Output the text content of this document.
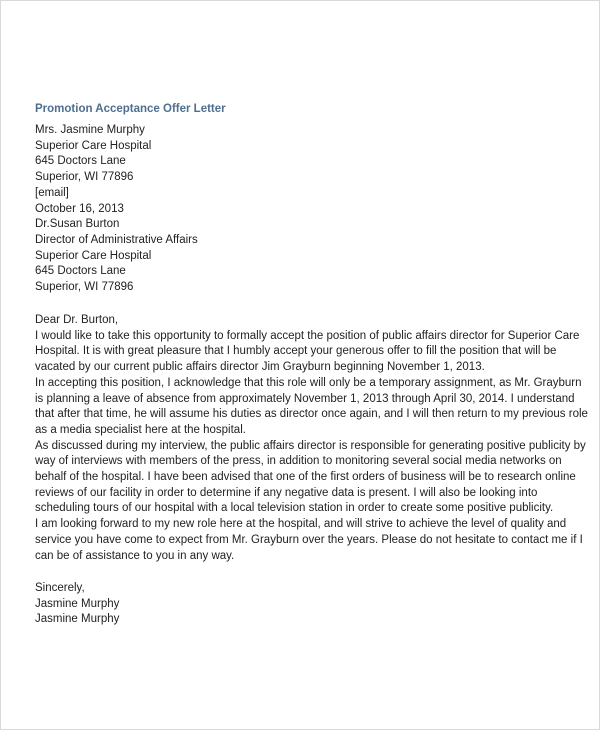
Promotion Acceptance Offer Letter
Mrs. Jasmine Murphy
Superior Care Hospital
645 Doctors Lane
Superior, WI 77896
[email]
October 16, 2013
Dr.Susan Burton
Director of Administrative Affairs
Superior Care Hospital
645 Doctors Lane
Superior, WI 77896
Dear Dr. Burton,
I would like to take this opportunity to formally accept the position of public affairs director for Superior Care
Hospital. It is with great pleasure that I humbly accept your generous offer to fill the position that will be
vacated by our current public affairs director Jim Grayburn beginning November 1, 2013.
In accepting this position, I acknowledge that this role will only be a temporary assignment, as Mr. Grayburn
is planning a leave of absence from approximately November 1, 2013 through April 30, 2014. I understand
that after that time, he will assume his duties as director once again, and I will then return to my previous role
as a media specialist here at the hospital.
As discussed during my interview, the public affairs director is responsible for generating positive publicity by
way of interviews with members of the press, in addition to monitoring several social media networks on
behalf of the hospital. I have been advised that one of the first orders of business will be to research online
reviews of our facility in order to determine if any negative data is present. I will also be looking into
scheduling tours of our hospital with a local television station in order to create some positive publicity.
I am looking forward to my new role here at the hospital, and will strive to achieve the level of quality and
service you have come to expect from Mr. Grayburn over the years. Please do not hesitate to contact me if I
can be of assistance to you in any way.
Sincerely,
Jasmine Murphy
Jasmine Murphy
